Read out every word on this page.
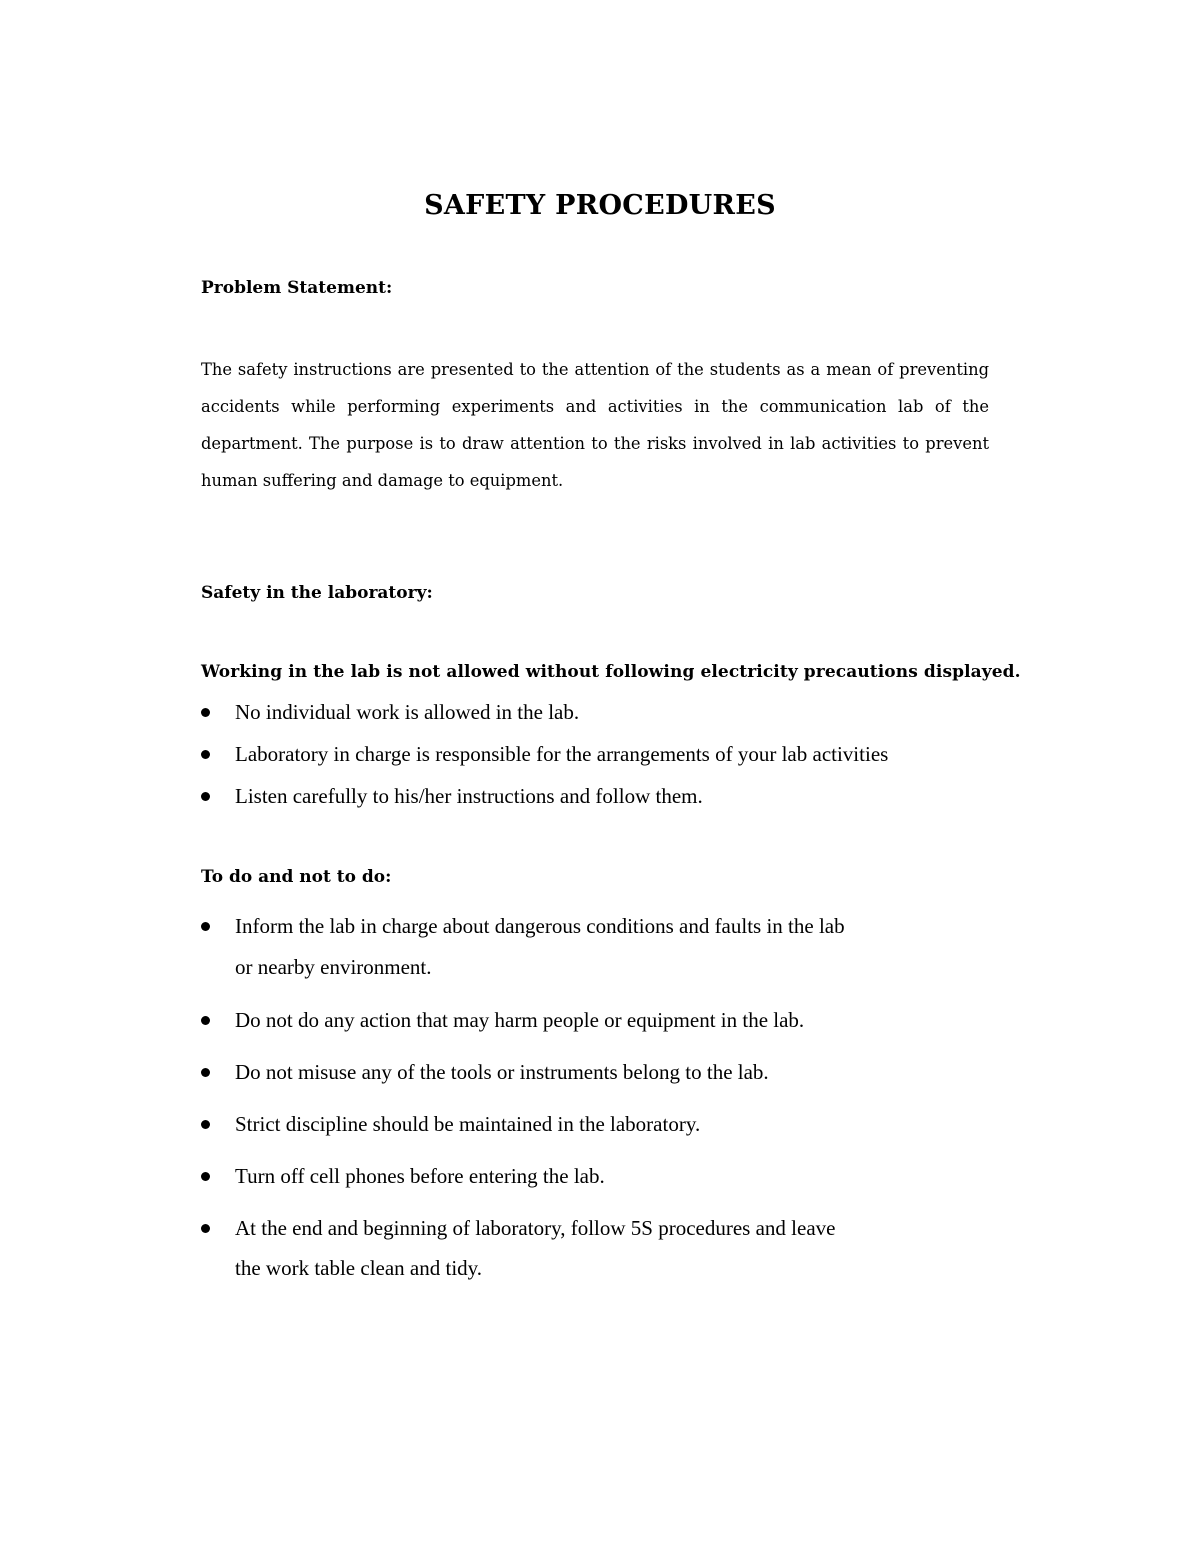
SAFETY PROCEDURES
Problem Statement:
The safety instructions are presented to the attention of the students as a mean of preventing accidents while performing experiments and activities in the communication lab of the department. The purpose is to draw attention to the risks involved in lab activities to prevent human suffering and damage to equipment.
Safety in the laboratory:
Working in the lab is not allowed without following electricity precautions displayed.
No individual work is allowed in the lab.
Laboratory in charge is responsible for the arrangements of your lab activities
Listen carefully to his/her instructions and follow them.
To do and not to do:
Inform the lab in charge about dangerous conditions and faults in the lab
or nearby environment.
Do not do any action that may harm people or equipment in the lab.
Do not misuse any of the tools or instruments belong to the lab.
Strict discipline should be maintained in the laboratory.
Turn off cell phones before entering the lab.
At the end and beginning of laboratory, follow 5S procedures and leave
the work table clean and tidy.
